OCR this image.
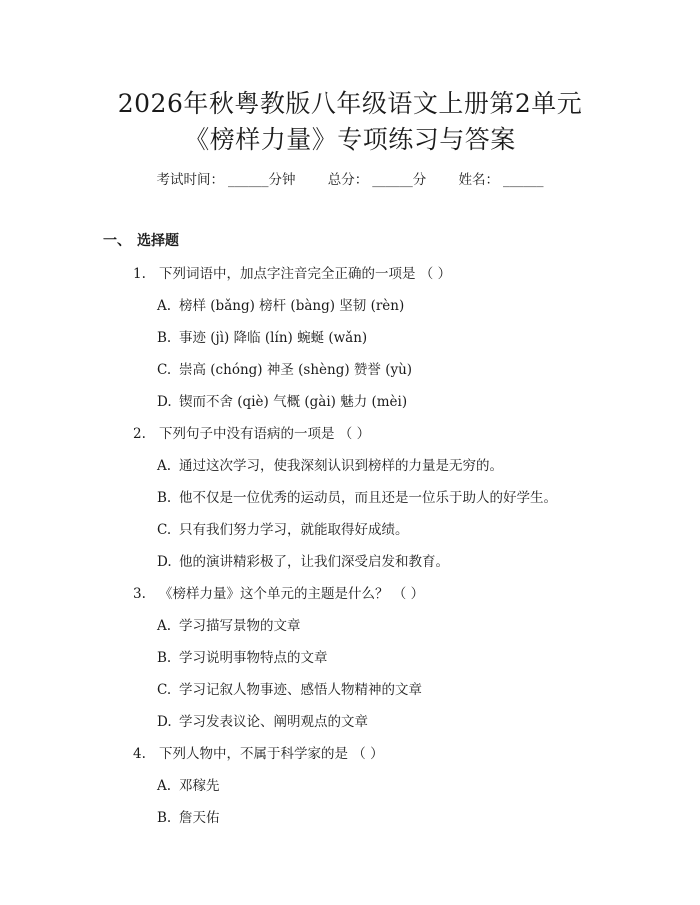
2026年秋粤教版八年级语文上册第2单元
《榜样力量》专项练习与答案
考试时间： ______分钟 总分： ______分 姓名： ______
一、 选择题
1. 下列词语中，加点字注音完全正确的一项是 （ ）
A. 榜样 (bǎng) 榜杆 (bàng) 坚韧 (rèn)
B. 事迹 (jì) 降临 (lín) 蜿蜒 (wǎn)
C. 崇高 (chóng) 神圣 (shèng) 赞誉 (yù)
D. 锲而不舍 (qiè) 气概 (gài) 魅力 (mèi)
2. 下列句子中没有语病的一项是 （ ）
A. 通过这次学习，使我深刻认识到榜样的力量是无穷的。
B. 他不仅是一位优秀的运动员，而且还是一位乐于助人的好学生。
C. 只有我们努力学习，就能取得好成绩。
D. 他的演讲精彩极了，让我们深受启发和教育。
3. 《榜样力量》这个单元的主题是什么？ （ ）
A. 学习描写景物的文章
B. 学习说明事物特点的文章
C. 学习记叙人物事迹、感悟人物精神的文章
D. 学习发表议论、阐明观点的文章
4. 下列人物中，不属于科学家的是 （ ）
A. 邓稼先
B. 詹天佑
